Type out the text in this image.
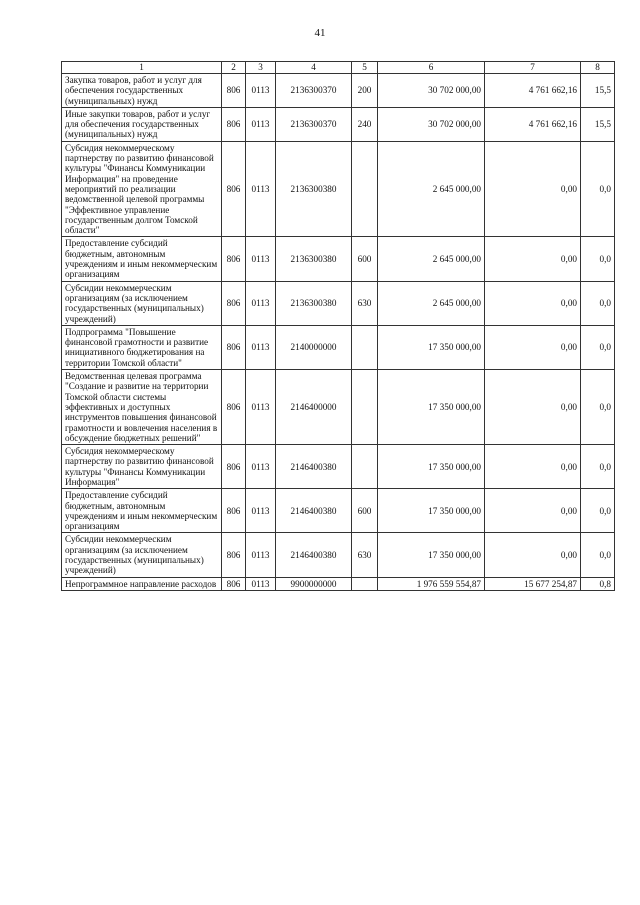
41
1	2	3	4	5	6	7	8
Закупка товаров, работ и услуг для обеспечения государственных (муниципальных) нужд	806	0113	2136300370	200	30 702 000,00	4 761 662,16	15,5
Иные закупки товаров, работ и услуг для обеспечения государственных (муниципальных) нужд	806	0113	2136300370	240	30 702 000,00	4 761 662,16	15,5
Субсидия некоммерческому партнерству по развитию финансовой культуры "Финансы Коммуникации Информация" на проведение мероприятий по реализации ведомственной целевой программы "Эффективное управление государственным долгом Томской области"	806	0113	2136300380		2 645 000,00	0,00	0,0
Предоставление субсидий бюджетным, автономным учреждениям и иным некоммерческим организациям	806	0113	2136300380	600	2 645 000,00	0,00	0,0
Субсидии некоммерческим организациям (за исключением государственных (муниципальных) учреждений)	806	0113	2136300380	630	2 645 000,00	0,00	0,0
Подпрограмма "Повышение финансовой грамотности и развитие инициативного бюджетирования на территории Томской области"	806	0113	2140000000		17 350 000,00	0,00	0,0
Ведомственная целевая программа "Создание и развитие на территории Томской области системы эффективных и доступных инструментов повышения финансовой грамотности и вовлечения населения в обсуждение бюджетных решений"	806	0113	2146400000		17 350 000,00	0,00	0,0
Субсидия некоммерческому партнерству по развитию финансовой культуры "Финансы Коммуникации Информация"	806	0113	2146400380		17 350 000,00	0,00	0,0
Предоставление субсидий бюджетным, автономным учреждениям и иным некоммерческим организациям	806	0113	2146400380	600	17 350 000,00	0,00	0,0
Субсидии некоммерческим организациям (за исключением государственных (муниципальных) учреждений)	806	0113	2146400380	630	17 350 000,00	0,00	0,0
Непрограммное направление расходов	806	0113	9900000000		1 976 559 554,87	15 677 254,87	0,8
